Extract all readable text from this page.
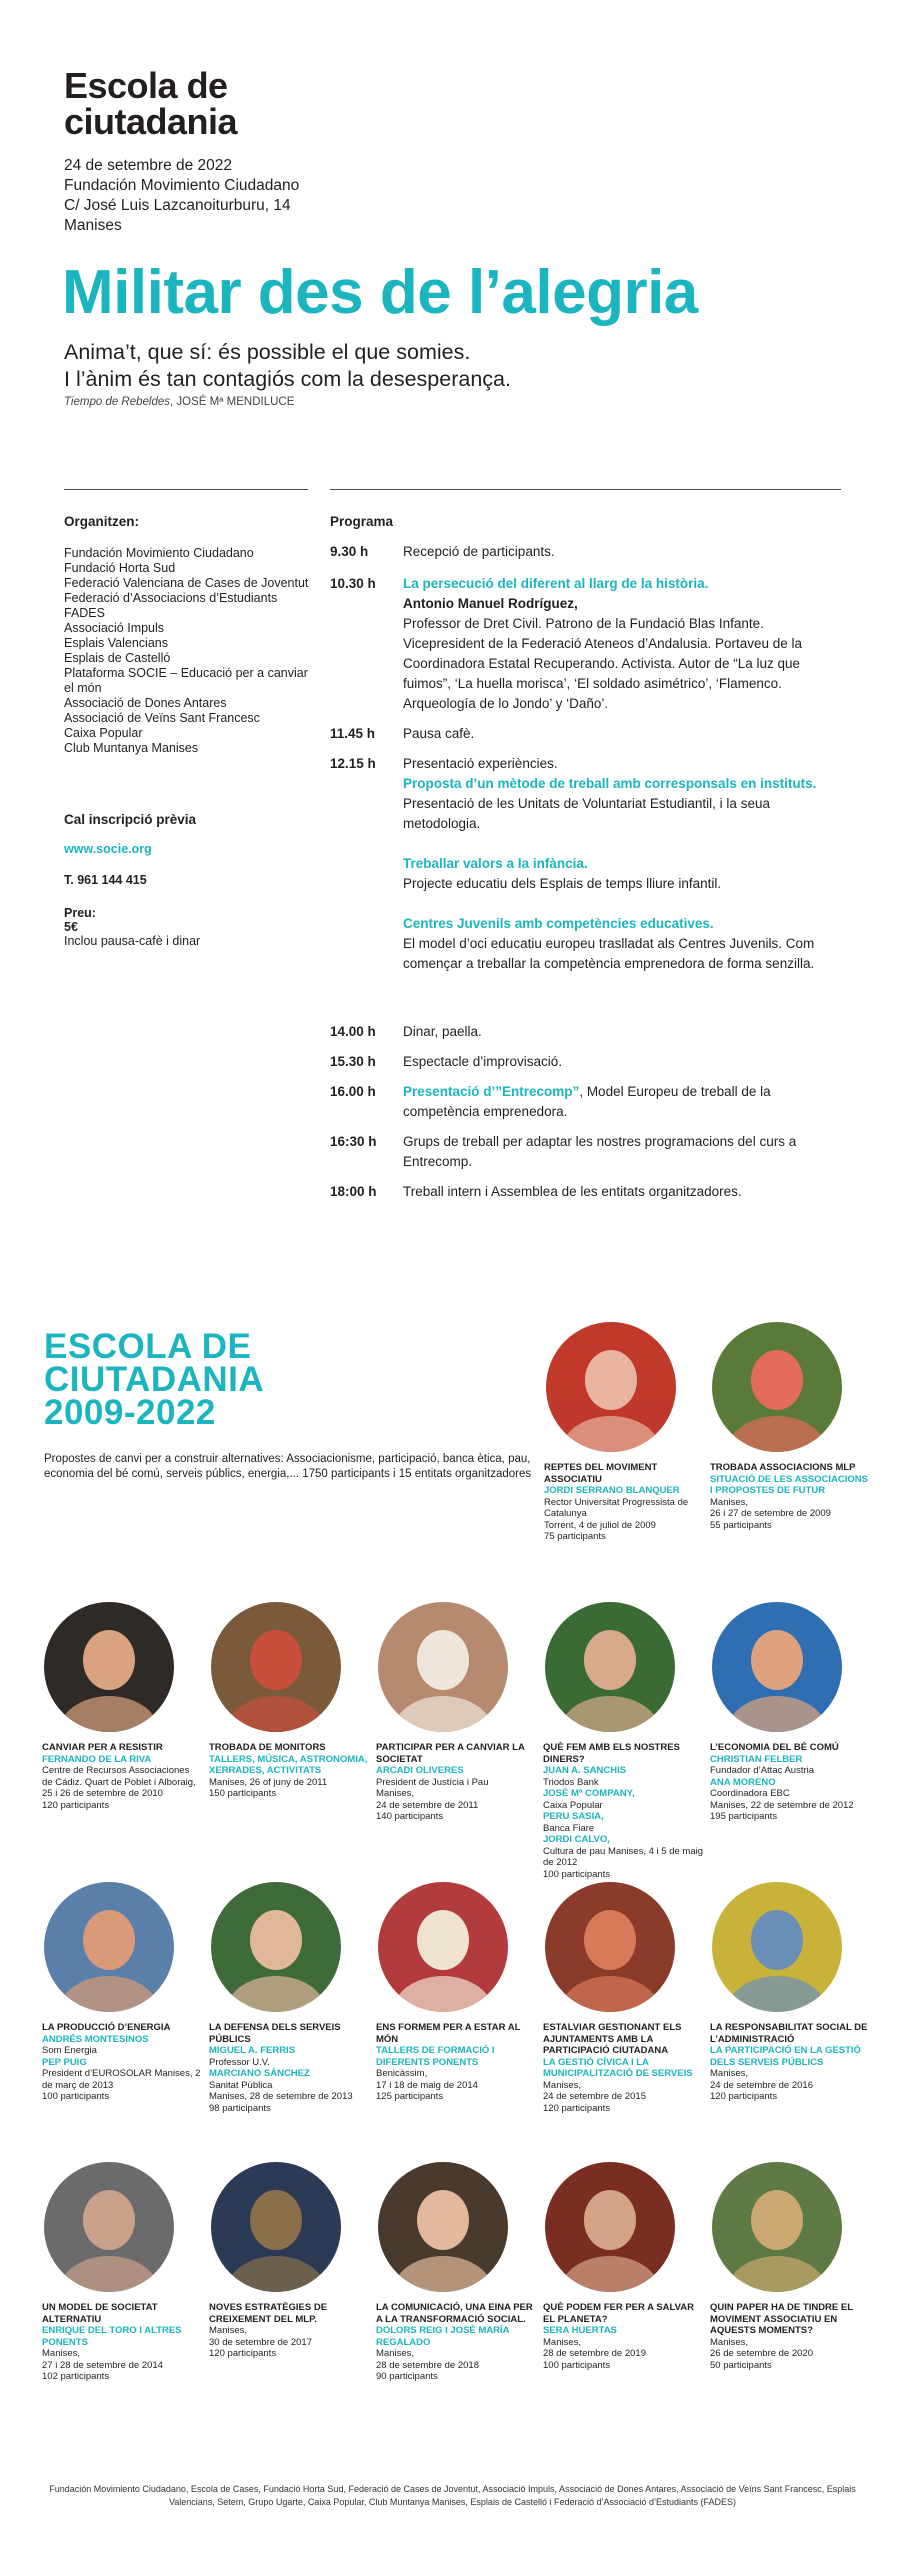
Escola de
ciutadania
24 de setembre de 2022
Fundación Movimiento Ciudadano
C/ José Luis Lazcanoiturburu, 14
Manises
Militar des de l’alegria
Anima’t, que sí: és possible el que somies.
I l’ànim és tan contagiós com la desesperança.
Tiempo de Rebeldes, JOSÉ Mª MENDILUCE
Organitzen:
Fundación Movimiento Ciudadano
Fundació Horta Sud
Federació Valenciana de Cases de Joventut
Federació d’Associacions d’Estudiants FADES
Associació Impuls
Esplais Valencians
Esplais de Castelló
Plataforma SOCIE – Educació per a canviar el món
Associació de Dones Antares
Associació de Veïns Sant Francesc
Caixa Popular
Club Muntanya Manises
Cal inscripció prèvia
www.socie.org
T. 961 144 415
Preu:
5€
Inclou pausa-cafè i dinar
Programa
9.30 h	Recepció de participants.
10.30 h La persecució del diferent al llarg de la història.
Antonio Manuel Rodríguez,
Professor de Dret Civil. Patrono de la Fundació Blas Infante. Vicepresident de la Federació Ateneos d’Andalusia. Portaveu de la Coordinadora Estatal Recuperando. Activista. Autor de “La luz que fuimos”, ‘La huella morisca’, ‘El soldado asimétrico’, ‘Flamenco. Arqueología de lo Jondo’ y ‘Daño’.
11.45 h Pausa cafè.
12.15 h Presentació experiències.
Proposta d’un mètode de treball amb corresponsals en instituts.
Presentació de les Unitats de Voluntariat Estudiantil, i la seua metodologia.
Treballar valors a la infància.
Projecte educatiu dels Esplais de temps lliure infantil.
Centres Juvenils amb competències educatives.
El model d’oci educatiu europeu traslladat als Centres Juvenils. Com començar a treballar la competència emprenedora de forma senzilla.
14.00 h Dinar, paella.
15.30 h Espectacle d’improvisació.
16.00 h Presentació d’”Entrecomp”, Model Europeu de treball de la competència emprenedora.
16:30 h Grups de treball per adaptar les nostres programacions del curs a Entrecomp.
18:00 h Treball intern i Assemblea de les entitats organitzadores.
ESCOLA DE
CIUTADANIA
2009-2022
Propostes de canvi per a construir alternatives: Associacionisme, participació, banca ètica, pau, economia del bé comú, serveis públics, energia,... 1750 participants i 15 entitats organitzadores
REPTES DEL MOVIMENT ASSOCIATIU
JORDI SERRANO BLANQUER
Rector Universitat Progressista de Catalunya
Torrent, 4 de juliol de 2009
75 participants
TROBADA ASSOCIACIONS MLP
SITUACIÓ DE LES ASSOCIACIONS I PROPOSTES DE FUTUR
Manises,
26 i 27 de setembre de 2009
55 participants
CANVIAR PER A RESISTIR
FERNANDO DE LA RIVA
Centre de Recursos Associaciones de Cádiz. Quart de Poblet i Alboraig, 25 i 26 de setembre de 2010
120 participants
TROBADA DE MONITORS
TALLERS, MÚSICA, ASTRONOMIA, XERRADES, ACTIVITATS
Manises, 26 of juny de 2011
150 participants
PARTICIPAR PER A CANVIAR LA SOCIETAT
ARCADI OLIVERES
President de Justícia i Pau
Manises,
24 de setembre de 2011
140 participants
QUÈ FEM AMB ELS NOSTRES DINERS?
JUAN A. SANCHIS
Triodos Bank
JOSÉ Mª COMPANY,
Caixa Popular
PERU SASIA,
Banca Fiare
JORDI CALVO,
Cultura de pau Manises, 4 i 5 de maig de 2012
100 participants
L’ECONOMIA DEL BÉ COMÚ
CHRISTIAN FELBER
Fundador d’Attac Austria
ANA MORENO
Coordinadora EBC
Manises, 22 de setembre de 2012
195 participants
LA PRODUCCIÓ D’ENERGIA
ANDRÉS MONTESINOS
Som Energia
PEP PUIG
President d’EUROSOLAR Manises, 2 de març de 2013
100 participants
LA DEFENSA DELS SERVEIS PÚBLICS
MIGUEL A. FERRIS
Professor U.V.
MARCIANO SÁNCHEZ
Sanitat Pública
Manises, 28 de setembre de 2013
98 participants
ENS FORMEM PER A ESTAR AL MÓN
TALLERS DE FORMACIÓ I DIFERENTS PONENTS
Benicàssim,
17 i 18 de maig de 2014
125 participants
ESTALVIAR GESTIONANT ELS AJUNTAMENTS AMB LA PARTICIPACIÓ CIUTADANA
LA GESTIÓ CÍVICA I LA MUNICIPALITZACIÓ DE SERVEIS
Manises,
24 de setembre de 2015
120 participants
LA RESPONSABILITAT SOCIAL DE L’ADMINISTRACIÓ
LA PARTICIPACIÓ EN LA GESTIÓ DELS SERVEIS PÚBLICS
Manises,
24 de setembre de 2016
120 participants
UN MODEL DE SOCIETAT ALTERNATIU
ENRIQUE DEL TORO I ALTRES PONENTS
Manises,
27 i 28 de setembre de 2014
102 participants
NOVES ESTRATÈGIES DE CREIXEMENT DEL MLP.
Manises,
30 de setembre de 2017
120 participants
LA COMUNICACIÓ, UNA EINA PER A LA TRANSFORMACIÓ SOCIAL.
DOLORS REIG I JOSÉ MARÍA REGALADO
Manises,
28 de setembre de 2018
90 participants
QUÈ PODEM FER PER A SALVAR EL PLANETA?
SERA HUERTAS
Manises,
28 de setembre de 2019
100 participants
QUIN PAPER HA DE TINDRE EL MOVIMENT ASSOCIATIU EN AQUESTS MOMENTS?
Manises,
26 de setembre de 2020
50 participants
Fundación Movimiento Ciudadano, Escola de Cases, Fundació Horta Sud, Federació de Cases de Joventut, Associació Impuls, Associació de Dones Antares, Associació de Veïns Sant Francesc, Esplais Valencians, Setem, Grupo Ugarte, Caixa Popular, Club Muntanya Manises, Esplais de Castelló i Federació d’Associació d’Estudiants (FADES)
